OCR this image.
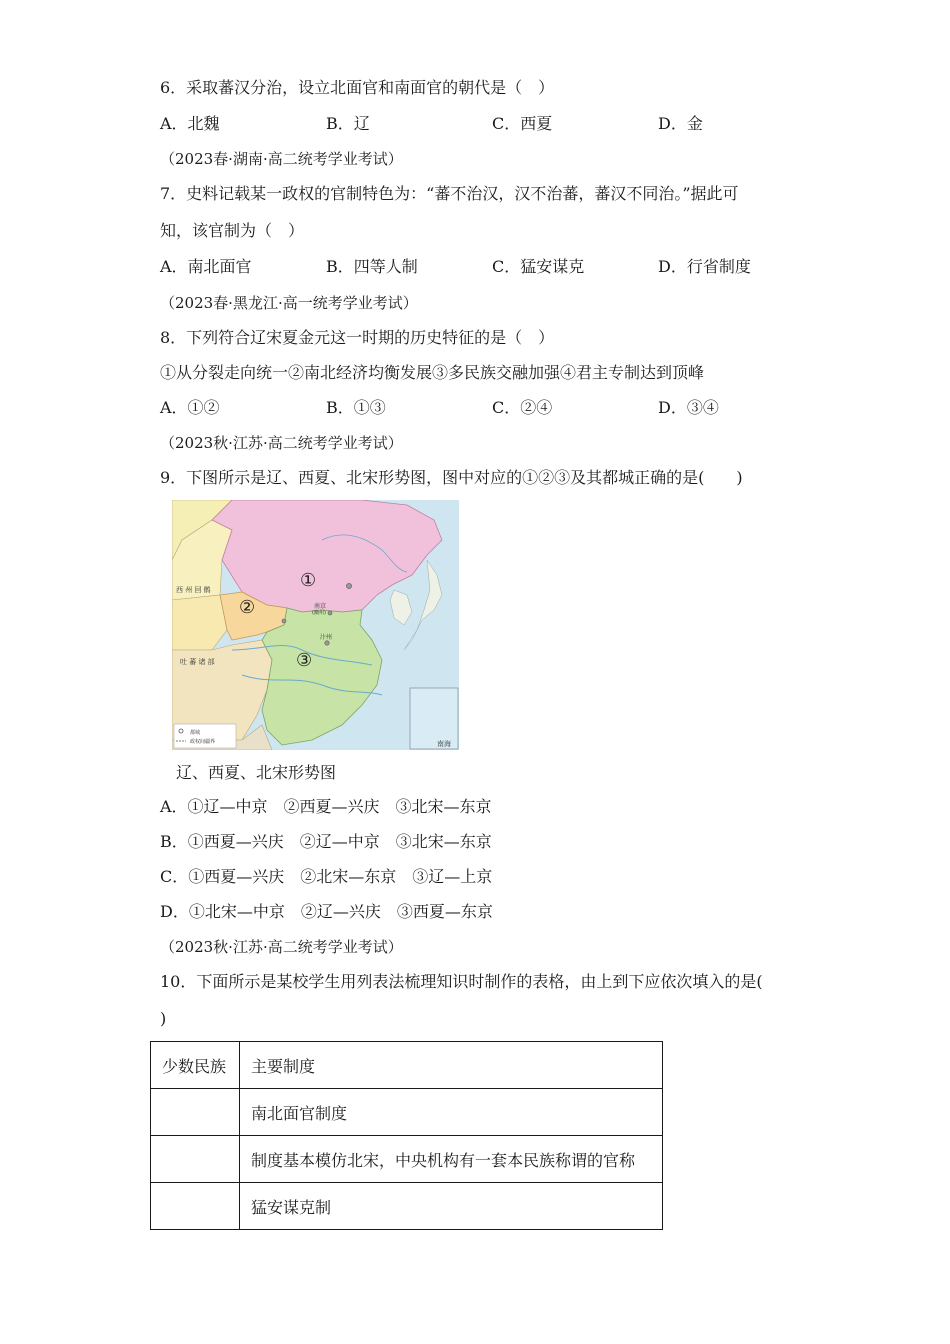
6．采取蕃汉分治，设立北面官和南面官的朝代是（　）
A．北魏	B．辽	C．西夏	D．金
（2023春·湖南·高二统考学业考试）
7．史料记载某一政权的官制特色为：“蕃不治汉，汉不治蕃，蕃汉不同治。”据此可
知，该官制为（　）
A．南北面官	B．四等人制	C．猛安谋克	D．行省制度
（2023春·黑龙江·高一统考学业考试）
8．下列符合辽宋夏金元这一时期的历史特征的是（　）
①从分裂走向统一②南北经济均衡发展③多民族交融加强④君主专制达到顶峰
A．①②	B．①③	C．②④	D．③④
（2023秋·江苏·高二统考学业考试）
9．下图所示是辽、西夏、北宋形势图，图中对应的①②③及其都城正确的是(　　)
南海
都城
政权间疆界
西 州 回 鹘
吐 蕃 诸 部
南京
(幽州)
汴州
①
②
③
辽、西夏、北宋形势图
A．①辽—中京　②西夏—兴庆　③北宋—东京
B．①西夏—兴庆　②辽—中京　③北宋—东京
C．①西夏—兴庆　②北宋—东京　③辽—上京
D．①北宋—中京　②辽—兴庆　③西夏—东京
（2023秋·江苏·高二统考学业考试）
10．下面所示是某校学生用列表法梳理知识时制作的表格，由上到下应依次填入的是(
)
少数民族	主要制度
	南北面官制度
	制度基本模仿北宋，中央机构有一套本民族称谓的官称
	猛安谋克制
